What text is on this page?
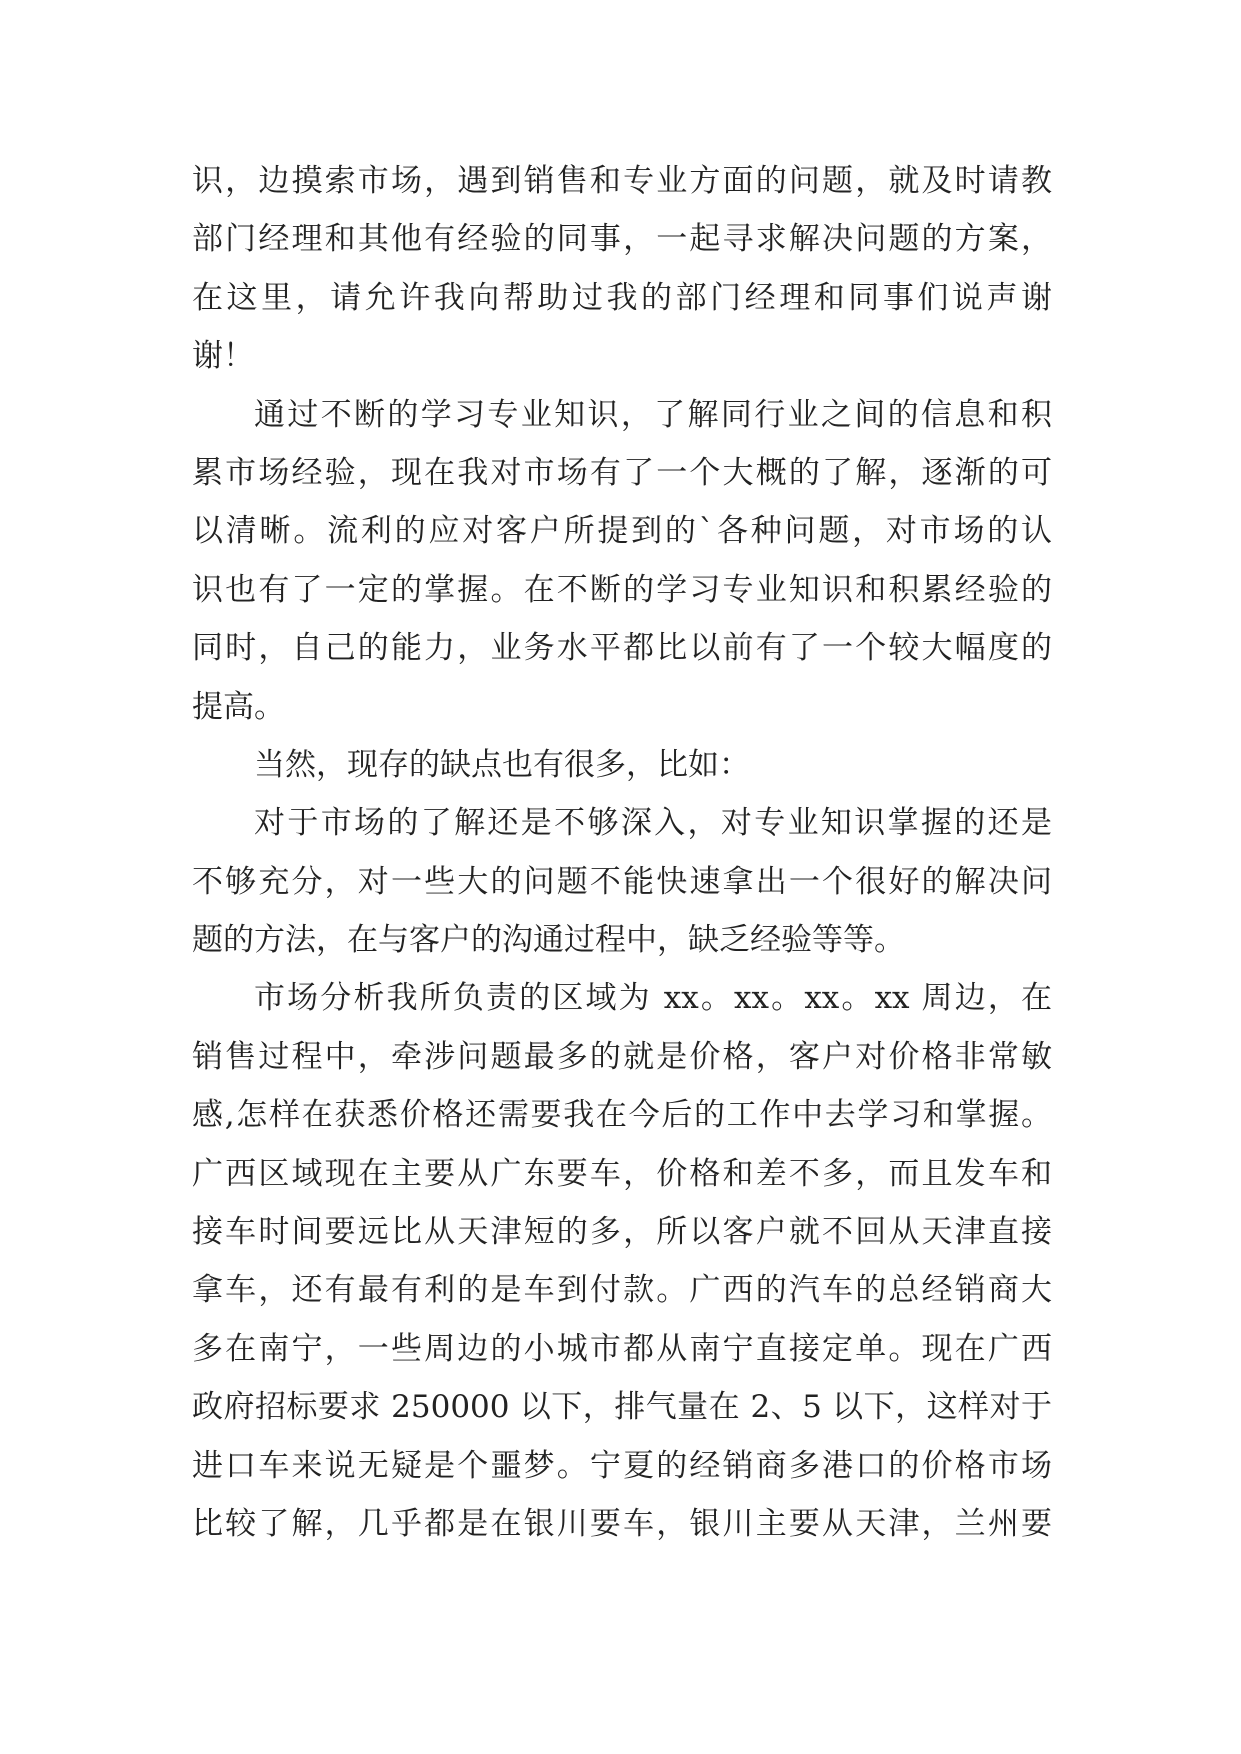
识，边摸索市场，遇到销售和专业方面的问题，就及时请教
部门经理和其他有经验的同事，一起寻求解决问题的方案，
在这里，请允许我向帮助过我的部门经理和同事们说声谢
谢！
通过不断的学习专业知识，了解同行业之间的信息和积
累市场经验，现在我对市场有了一个大概的了解，逐渐的可
以清晰。流利的应对客户所提到的`各种问题，对市场的认
识也有了一定的掌握。在不断的学习专业知识和积累经验的
同时，自己的能力，业务水平都比以前有了一个较大幅度的
提高。
当然，现存的缺点也有很多，比如：
对于市场的了解还是不够深入，对专业知识掌握的还是
不够充分，对一些大的问题不能快速拿出一个很好的解决问
题的方法，在与客户的沟通过程中，缺乏经验等等。
市场分析我所负责的区域为 xx。xx。xx。xx 周边，在
销售过程中，牵涉问题最多的就是价格，客户对价格非常敏
感,怎样在获悉价格还需要我在今后的工作中去学习和掌握。
广西区域现在主要从广东要车，价格和差不多，而且发车和
接车时间要远比从天津短的多，所以客户就不回从天津直接
拿车，还有最有利的是车到付款。广西的汽车的总经销商大
多在南宁，一些周边的小城市都从南宁直接定单。现在广西
政府招标要求 250000 以下，排气量在 2、5 以下，这样对于
进口车来说无疑是个噩梦。宁夏的经销商多港口的价格市场
比较了解，几乎都是在银川要车，银川主要从天津，兰州要
